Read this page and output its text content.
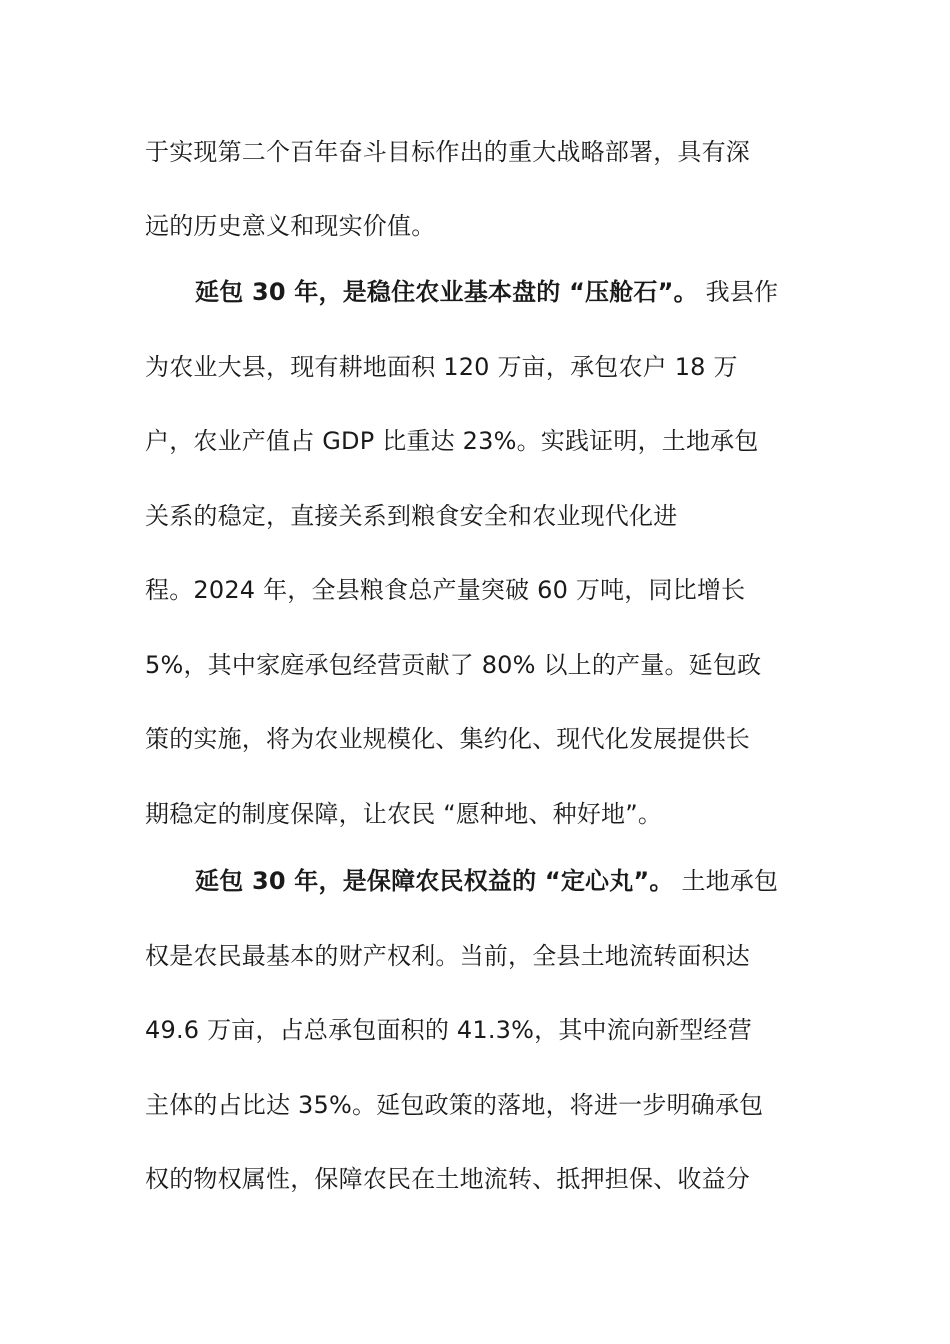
于实现第二个百年奋斗目标作出的重大战略部署，具有深
远的历史意义和现实价值。
延包 30 年，是稳住农业基本盘的 “压舱石”。 我县作
为农业大县，现有耕地面积 120 万亩，承包农户 18 万
户，农业产值占 GDP 比重达 23%。实践证明，土地承包
关系的稳定，直接关系到粮食安全和农业现代化进
程。2024 年，全县粮食总产量突破 60 万吨，同比增长
5%，其中家庭承包经营贡献了 80% 以上的产量。延包政
策的实施，将为农业规模化、集约化、现代化发展提供长
期稳定的制度保障，让农民 “愿种地、种好地”。
延包 30 年，是保障农民权益的 “定心丸”。 土地承包
权是农民最基本的财产权利。当前，全县土地流转面积达
49.6 万亩，占总承包面积的 41.3%，其中流向新型经营
主体的占比达 35%。延包政策的落地，将进一步明确承包
权的物权属性，保障农民在土地流转、抵押担保、收益分
